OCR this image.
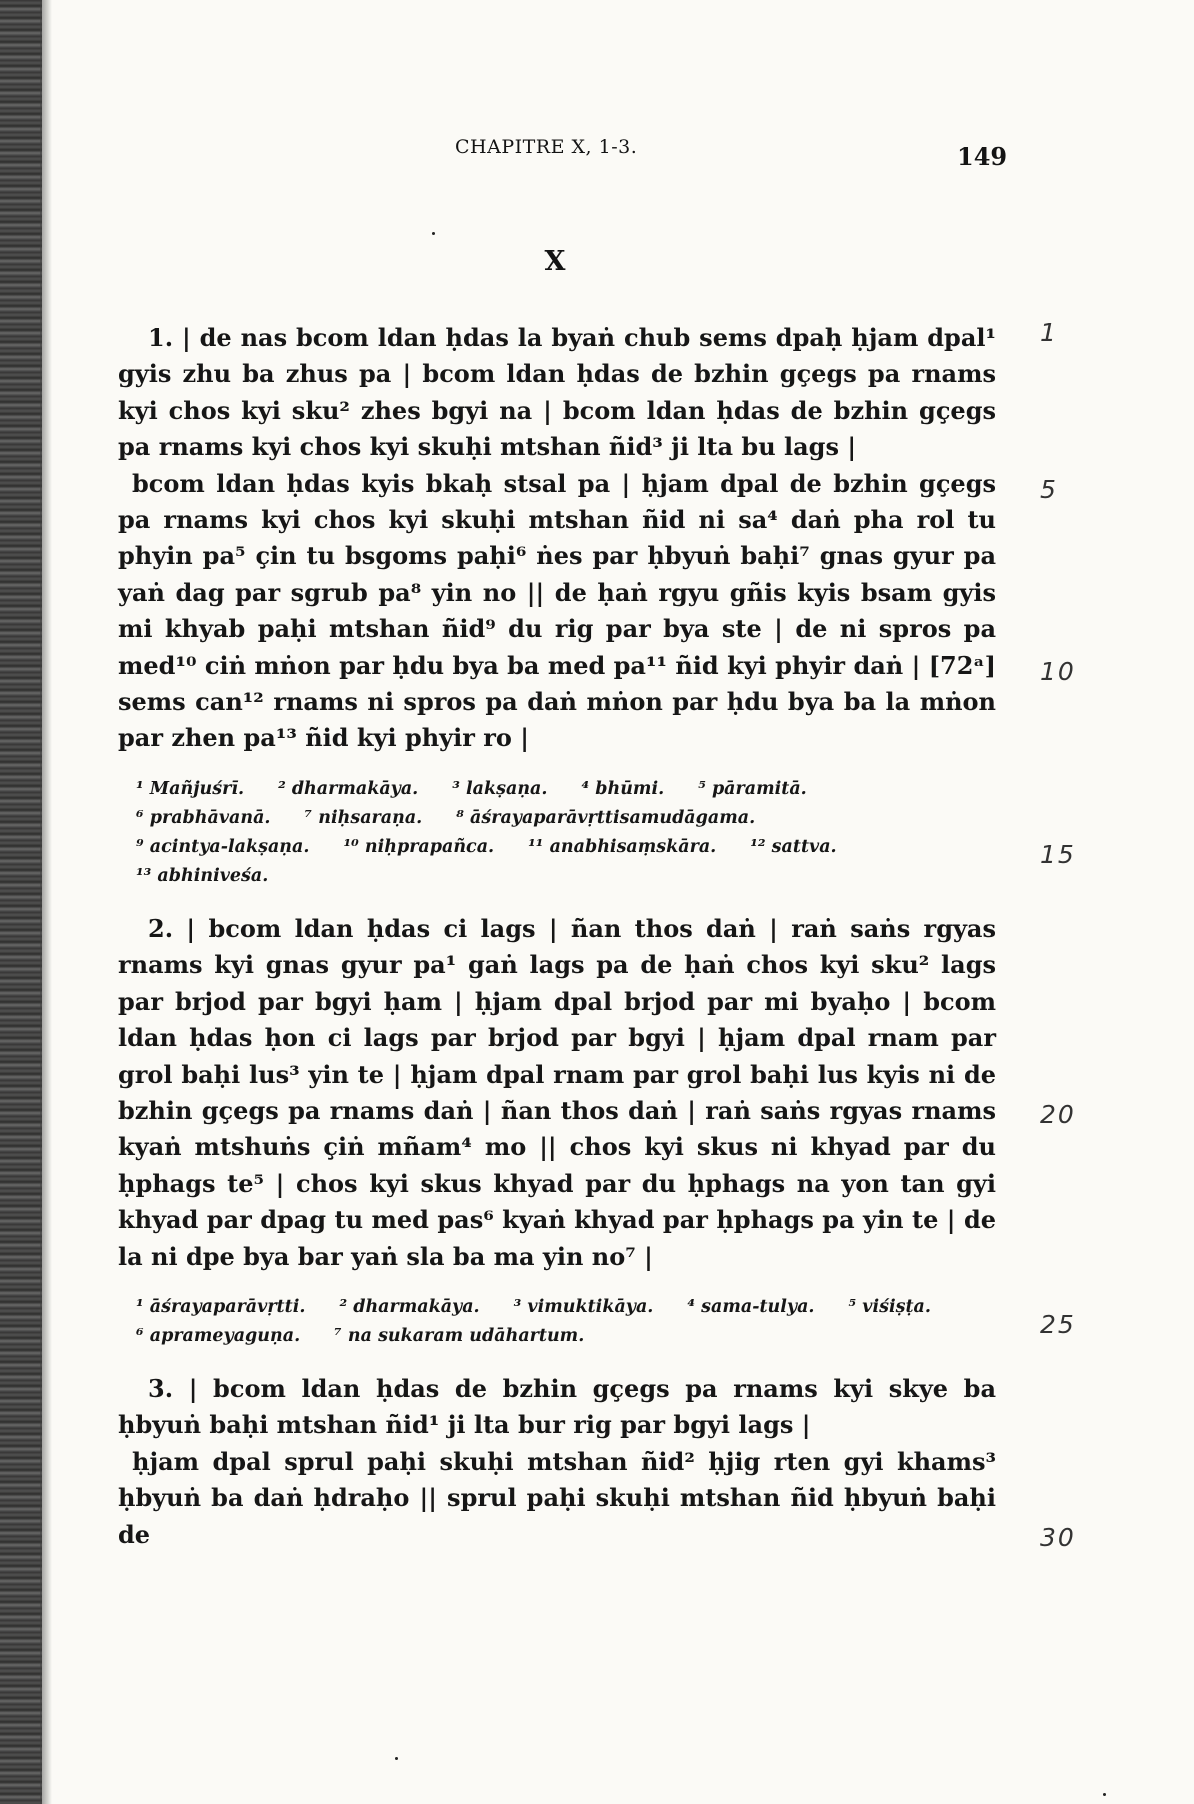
CHAPITRE X, 1-3.	149
X

1. | de nas bcom ldan ḥdas la byaṅ chub sems dpaḥ ḥjam dpal¹ gyis zhu ba zhus pa | bcom ldan ḥdas de bzhin gçegs pa rnams kyi chos kyi sku² zhes bgyi na | bcom ldan ḥdas de bzhin gçegs pa rnams kyi chos kyi skuḥi mtshan ñid³ ji lta bu lags |

bcom ldan ḥdas kyis bkaḥ stsal pa | ḥjam dpal de bzhin gçegs pa rnams kyi chos kyi skuḥi mtshan ñid ni sa⁴ daṅ pha rol tu phyin pa⁵ çin tu bsgoms paḥi⁶ ṅes par ḥbyuṅ baḥi⁷ gnas gyur pa yaṅ dag par sgrub pa⁸ yin no || de ḥaṅ rgyu gñis kyis bsam gyis mi khyab paḥi mtshan ñid⁹ du rig par bya ste | de ni spros pa med¹⁰ ciṅ mṅon par ḥdu bya ba med pa¹¹ ñid kyi phyir daṅ | [72ᵃ] sems can¹² rnams ni spros pa daṅ mṅon par ḥdu bya ba la mṅon par zhen pa¹³ ñid kyi phyir ro |

¹ Mañjuśrī. ² dharmakāya. ³ lakṣaṇa. ⁴ bhūmi. ⁵ pāramitā.
⁶ prabhāvanā. ⁷ niḥsaraṇa. ⁸ āśrayaparāvṛttisamudāgama.
⁹ acintya-lakṣaṇa. ¹⁰ niḥprapañca. ¹¹ anabhisaṃskāra. ¹² sattva.
¹³ abhiniveśa.

2. | bcom ldan ḥdas ci lags | ñan thos daṅ | raṅ saṅs rgyas rnams kyi gnas gyur pa¹ gaṅ lags pa de ḥaṅ chos kyi sku² lags par brjod par bgyi ḥam | ḥjam dpal brjod par mi byaḥo | bcom ldan ḥdas ḥon ci lags par brjod par bgyi | ḥjam dpal rnam par grol baḥi lus³ yin te | ḥjam dpal rnam par grol baḥi lus kyis ni de bzhin gçegs pa rnams daṅ | ñan thos daṅ | raṅ saṅs rgyas rnams kyaṅ mtshuṅs çiṅ mñam⁴ mo || chos kyi skus ni khyad par du ḥphags te⁵ | chos kyi skus khyad par du ḥphags na yon tan gyi khyad par dpag tu med pas⁶ kyaṅ khyad par ḥphags pa yin te | de la ni dpe bya bar yaṅ sla ba ma yin no⁷ |

¹ āśrayaparāvṛtti. ² dharmakāya. ³ vimuktikāya. ⁴ sama-tulya. ⁵ viśiṣṭa.
⁶ aprameyaguṇa. ⁷ na sukaram udāhartum.

3. | bcom ldan ḥdas de bzhin gçegs pa rnams kyi skye ba ḥbyuṅ baḥi mtshan ñid¹ ji lta bur rig par bgyi lags |

ḥjam dpal sprul paḥi skuḥi mtshan ñid² ḥjig rten gyi khams³ ḥbyuṅ ba daṅ ḥdraḥo || sprul paḥi skuḥi mtshan ñid ḥbyuṅ baḥi de

1
5
10
15
20
25
30
